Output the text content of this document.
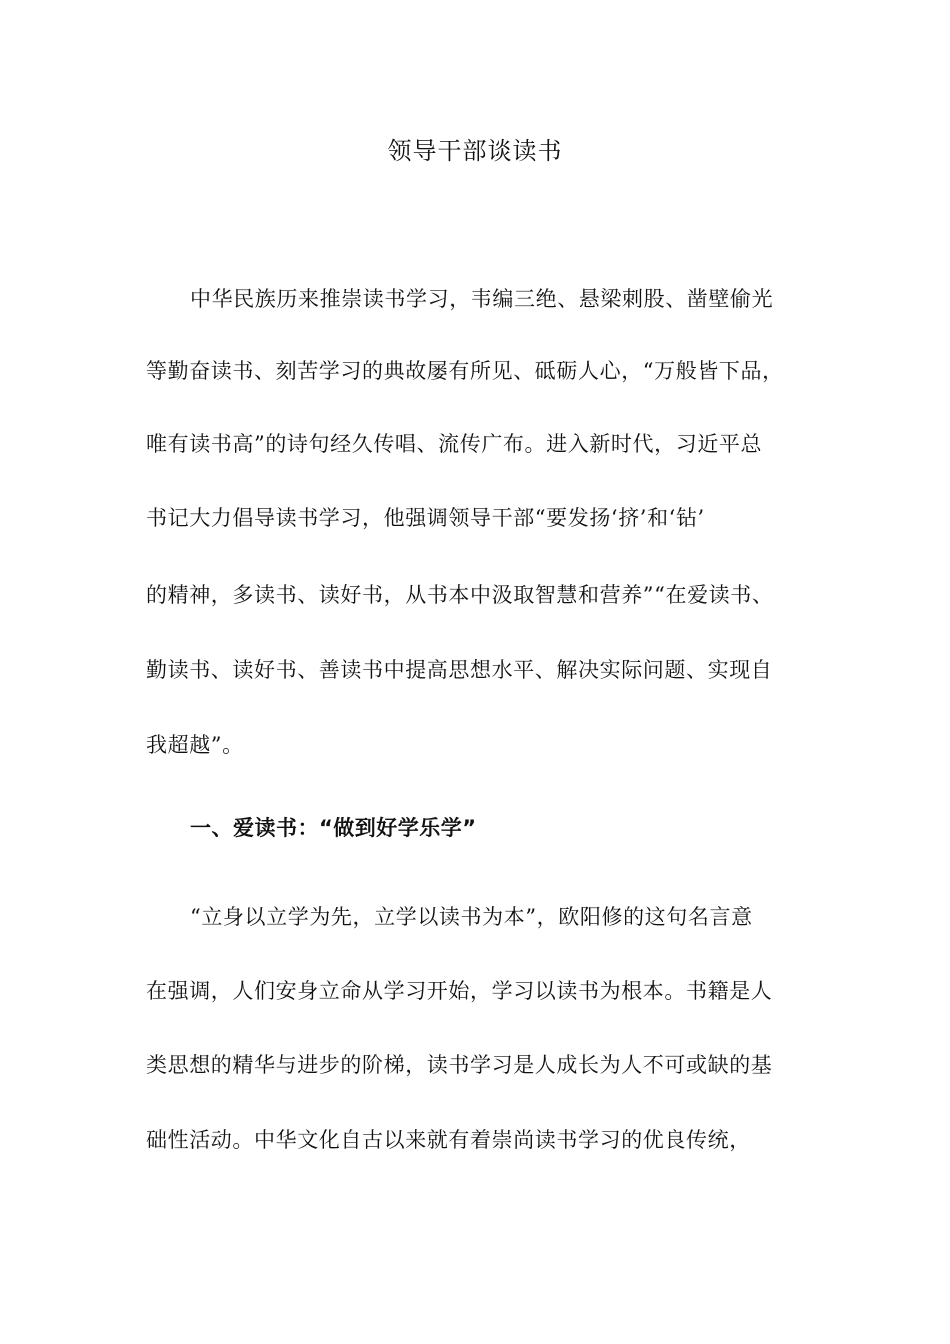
领导干部谈读书
中华民族历来推崇读书学习，韦编三绝、悬梁刺股、凿壁偷光
等勤奋读书、刻苦学习的典故屡有所见、砥砺人心，“万般皆下品，
唯有读书高”的诗句经久传唱、流传广布。进入新时代，习近平总
书记大力倡导读书学习，他强调领导干部“要发扬‘挤’和‘钻’
的精神，多读书、读好书，从书本中汲取智慧和营养”“在爱读书、
勤读书、读好书、善读书中提高思想水平、解决实际问题、实现自
我超越”。
一、爱读书：“做到好学乐学”
“立身以立学为先，立学以读书为本”，欧阳修的这句名言意
在强调，人们安身立命从学习开始，学习以读书为根本。书籍是人
类思想的精华与进步的阶梯，读书学习是人成长为人不可或缺的基
础性活动。中华文化自古以来就有着崇尚读书学习的优良传统，
